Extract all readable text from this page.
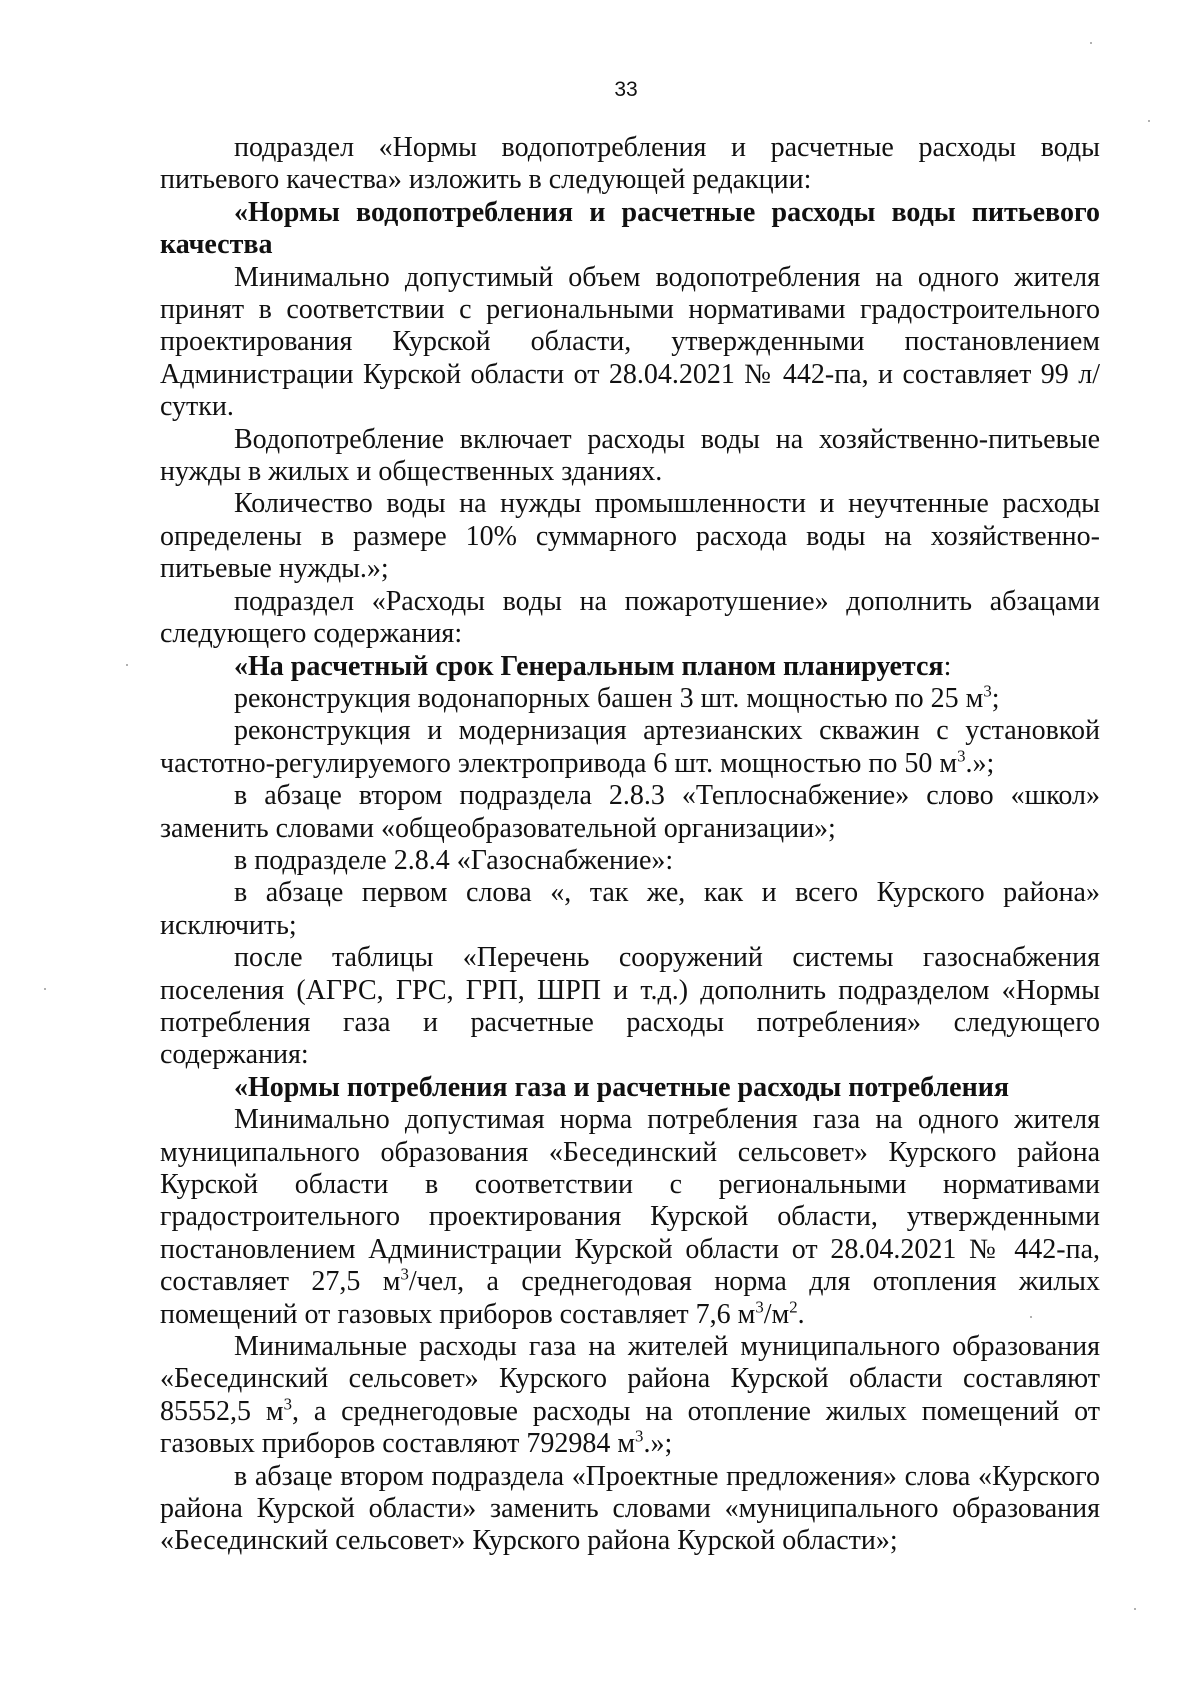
33

подраздел «Нормы водопотребления и расчетные расходы воды питьевого качества» изложить в следующей редакции:

«Нормы водопотребления и расчетные расходы воды питьевого качества

Минимально допустимый объем водопотребления на одного жителя принят в соответствии с региональными нормативами градостроительного проектирования Курской области, утвержденными постановлением Администрации Курской области от 28.04.2021 № 442-па, и составляет 99 л/сутки.

Водопотребление включает расходы воды на хозяйственно-питьевые нужды в жилых и общественных зданиях.

Количество воды на нужды промышленности и неучтенные расходы определены в размере 10% суммарного расхода воды на хозяйственно-питьевые нужды.»;

подраздел «Расходы воды на пожаротушение» дополнить абзацами следующего содержания:

«На расчетный срок Генеральным планом планируется:

реконструкция водонапорных башен 3 шт. мощностью по 25 $м^3$;

реконструкция и модернизация артезианских скважин с установкой частотно-регулируемого электропривода 6 шт. мощностью по 50 $м^3$.»;

в абзаце втором подраздела 2.8.3 «Теплоснабжение» слово «школ» заменить словами «общеобразовательной организации»;

в подразделе 2.8.4 «Газоснабжение»:

в абзаце первом слова «, так же, как и всего Курского района» исключить;

после таблицы «Перечень сооружений системы газоснабжения поселения (АГРС, ГРС, ГРП, ШРП и т.д.) дополнить подразделом «Нормы потребления газа и расчетные расходы потребления» следующего содержания:

«Нормы потребления газа и расчетные расходы потребления

Минимально допустимая норма потребления газа на одного жителя муниципального образования «Бесединский сельсовет» Курского района Курской области в соответствии с региональными нормативами градостроительного проектирования Курской области, утвержденными постановлением Администрации Курской области от 28.04.2021 № 442-па, составляет 27,5 $м^3$/чел, а среднегодовая норма для отопления жилых помещений от газовых приборов составляет 7,6 $м^3/м^2$.

Минимальные расходы газа на жителей муниципального образования «Бесединский сельсовет» Курского района Курской области составляют 85552,5 $м^3$, а среднегодовые расходы на отопление жилых помещений от газовых приборов составляют 792984 $м^3$.»;

в абзаце втором подраздела «Проектные предложения» слова «Курского района Курской области» заменить словами «муниципального образования «Бесединский сельсовет» Курского района Курской области»;
